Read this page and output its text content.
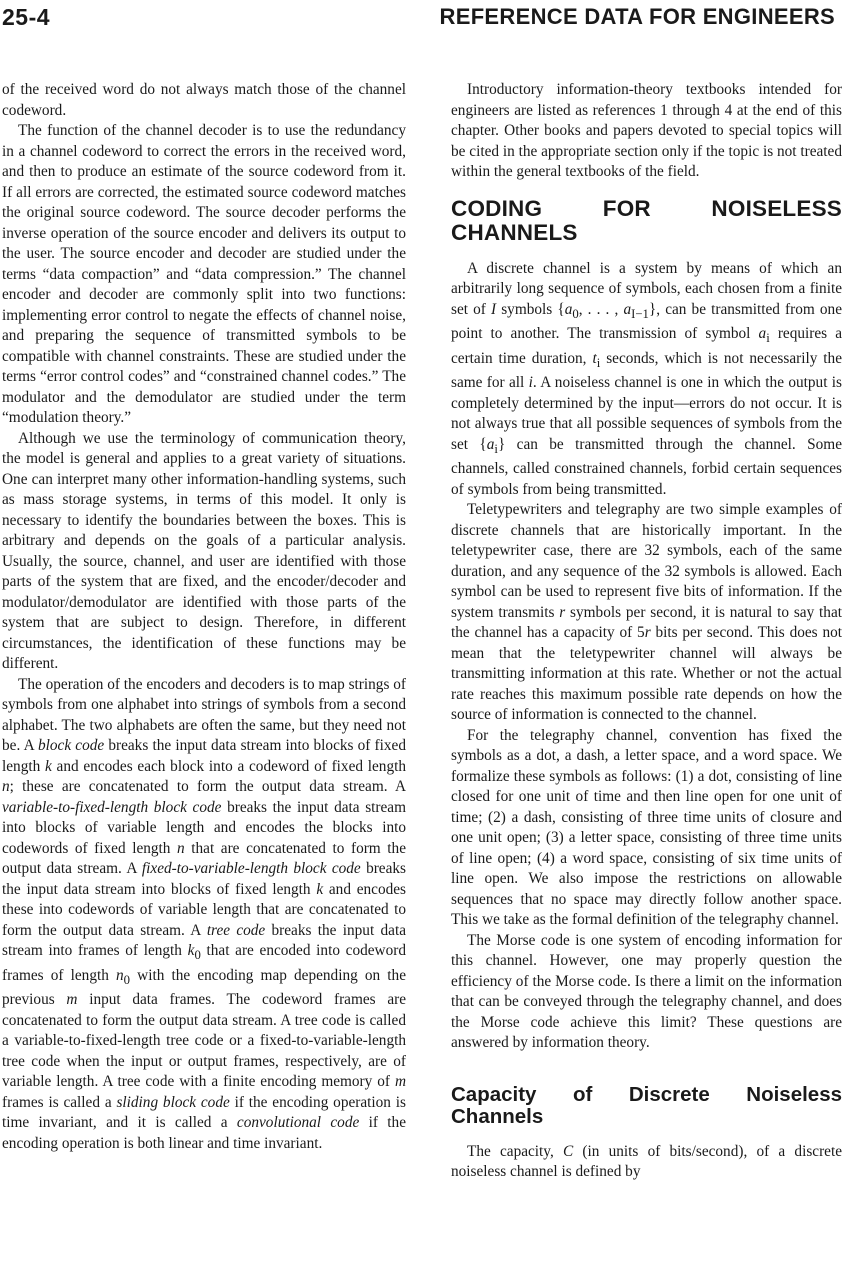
25-4	REFERENCE DATA FOR ENGINEERS

of the received word do not always match those of the channel codeword.

The function of the channel decoder is to use the redundancy in a channel codeword to correct the errors in the received word, and then to produce an estimate of the source codeword from it. If all errors are corrected, the estimated source codeword matches the original source codeword. The source decoder performs the inverse operation of the source encoder and delivers its output to the user. The source encoder and decoder are studied under the terms “data compaction” and “data compression.” The channel encoder and decoder are commonly split into two functions: implementing error control to negate the effects of channel noise, and preparing the sequence of transmitted symbols to be compatible with channel constraints. These are studied under the terms “error control codes” and “constrained channel codes.” The modulator and the demodulator are studied under the term “modulation theory.”

Although we use the terminology of communication theory, the model is general and applies to a great variety of situations. One can interpret many other information-handling systems, such as mass storage systems, in terms of this model. It only is necessary to identify the boundaries between the boxes. This is arbitrary and depends on the goals of a particular analysis. Usually, the source, channel, and user are identified with those parts of the system that are fixed, and the encoder/decoder and modulator/demodulator are identified with those parts of the system that are subject to design. Therefore, in different circumstances, the identification of these functions may be different.

The operation of the encoders and decoders is to map strings of symbols from one alphabet into strings of symbols from a second alphabet. The two alphabets are often the same, but they need not be. A block code breaks the input data stream into blocks of fixed length k and encodes each block into a codeword of fixed length n; these are concatenated to form the output data stream. A variable-to-fixed-length block code breaks the input data stream into blocks of variable length and encodes the blocks into codewords of fixed length n that are concatenated to form the output data stream. A fixed-to-variable-length block code breaks the input data stream into blocks of fixed length k and encodes these into codewords of variable length that are concatenated to form the output data stream. A tree code breaks the input data stream into frames of length $k_0$ that are encoded into codeword frames of length $n_0$ with the encoding map depending on the previous m input data frames. The codeword frames are concatenated to form the output data stream. A tree code is called a variable-to-fixed-length tree code or a fixed-to-variable-length tree code when the input or output frames, respectively, are of variable length. A tree code with a finite encoding memory of m frames is called a sliding block code if the encoding operation is time invariant, and it is called a convolutional code if the encoding operation is both linear and time invariant.

Introductory information-theory textbooks intended for engineers are listed as references 1 through 4 at the end of this chapter. Other books and papers devoted to special topics will be cited in the appropriate section only if the topic is not treated within the general textbooks of the field.

CODING FOR NOISELESS CHANNELS

A discrete channel is a system by means of which an arbitrarily long sequence of symbols, each chosen from a finite set of I symbols {$a_0$, . . . , $a_{I-1}$}, can be transmitted from one point to another. The transmission of symbol $a_i$ requires a certain time duration, $t_i$ seconds, which is not necessarily the same for all i. A noiseless channel is one in which the output is completely determined by the input—errors do not occur. It is not always true that all possible sequences of symbols from the set $\{a_i\}$ can be transmitted through the channel. Some channels, called constrained channels, forbid certain sequences of symbols from being transmitted.

Teletypewriters and telegraphy are two simple examples of discrete channels that are historically important. In the teletypewriter case, there are 32 symbols, each of the same duration, and any sequence of the 32 symbols is allowed. Each symbol can be used to represent five bits of information. If the system transmits r symbols per second, it is natural to say that the channel has a capacity of 5r bits per second. This does not mean that the teletypewriter channel will always be transmitting information at this rate. Whether or not the actual rate reaches this maximum possible rate depends on how the source of information is connected to the channel.

For the telegraphy channel, convention has fixed the symbols as a dot, a dash, a letter space, and a word space. We formalize these symbols as follows: (1) a dot, consisting of line closed for one unit of time and then line open for one unit of time; (2) a dash, consisting of three time units of closure and one unit open; (3) a letter space, consisting of three time units of line open; (4) a word space, consisting of six time units of line open. We also impose the restrictions on allowable sequences that no space may directly follow another space. This we take as the formal definition of the telegraphy channel.

The Morse code is one system of encoding information for this channel. However, one may properly question the efficiency of the Morse code. Is there a limit on the information that can be conveyed through the telegraphy channel, and does the Morse code achieve this limit? These questions are answered by information theory.

Capacity of Discrete Noiseless Channels

The capacity, C (in units of bits/second), of a discrete noiseless channel is defined by
